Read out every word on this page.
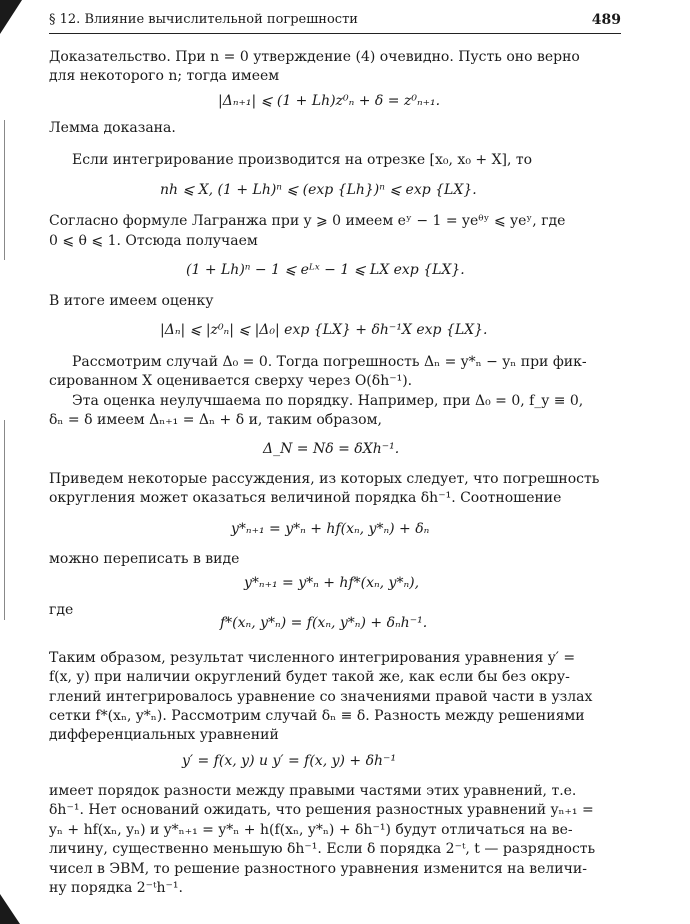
§ 12. Влияние вычислительной погрешности	489
Доказательство. При n = 0 утверждение (4) очевидно. Пусть оно верно
для некоторого n; тогда имеем
|Δₙ₊₁| ⩽ (1 + Lh)z⁰ₙ + δ = z⁰ₙ₊₁.
Лемма доказана.
Если интегрирование производится на отрезке [x₀, x₀ + X], то
nh ⩽ X, (1 + Lh)ⁿ ⩽ (exp {Lh})ⁿ ⩽ exp {LX}.
Согласно формуле Лагранжа при y ⩾ 0 имеем eʸ − 1 = yeᶿʸ ⩽ yeʸ, где
0 ⩽ θ ⩽ 1. Отсюда получаем
(1 + Lh)ⁿ − 1 ⩽ eᴸˣ − 1 ⩽ LX exp {LX}.
В итоге имеем оценку
|Δₙ| ⩽ |z⁰ₙ| ⩽ |Δ₀| exp {LX} + δh⁻¹X exp {LX}.
Рассмотрим случай Δ₀ = 0. Тогда погрешность Δₙ = y*ₙ − yₙ при фик-
сированном X оценивается сверху через O(δh⁻¹).
Эта оценка неулучшаема по порядку. Например, при Δ₀ = 0, f_y ≡ 0,
δₙ = δ имеем Δₙ₊₁ = Δₙ + δ и, таким образом,
Δ_N = Nδ = δXh⁻¹.
Приведем некоторые рассуждения, из которых следует, что погрешность
округления может оказаться величиной порядка δh⁻¹. Соотношение
y*ₙ₊₁ = y*ₙ + hf(xₙ, y*ₙ) + δₙ
можно переписать в виде
y*ₙ₊₁ = y*ₙ + hf*(xₙ, y*ₙ),
где
f*(xₙ, y*ₙ) = f(xₙ, y*ₙ) + δₙh⁻¹.
Таким образом, результат численного интегрирования уравнения y′ =
f(x, y) при наличии округлений будет такой же, как если бы без окру-
глений интегрировалось уравнение со значениями правой части в узлах
сетки f*(xₙ, y*ₙ). Рассмотрим случай δₙ ≡ δ. Разность между решениями
дифференциальных уравнений
y′ = f(x, y) и y′ = f(x, y) + δh⁻¹
имеет порядок разности между правыми частями этих уравнений, т.е.
δh⁻¹. Нет оснований ожидать, что решения разностных уравнений yₙ₊₁ =
yₙ + hf(xₙ, yₙ) и y*ₙ₊₁ = y*ₙ + h(f(xₙ, y*ₙ) + δh⁻¹) будут отличаться на ве-
личину, существенно меньшую δh⁻¹. Если δ порядка 2⁻ᵗ, t — разрядность
чисел в ЭВМ, то решение разностного уравнения изменится на величи-
ну порядка 2⁻ᵗh⁻¹.
